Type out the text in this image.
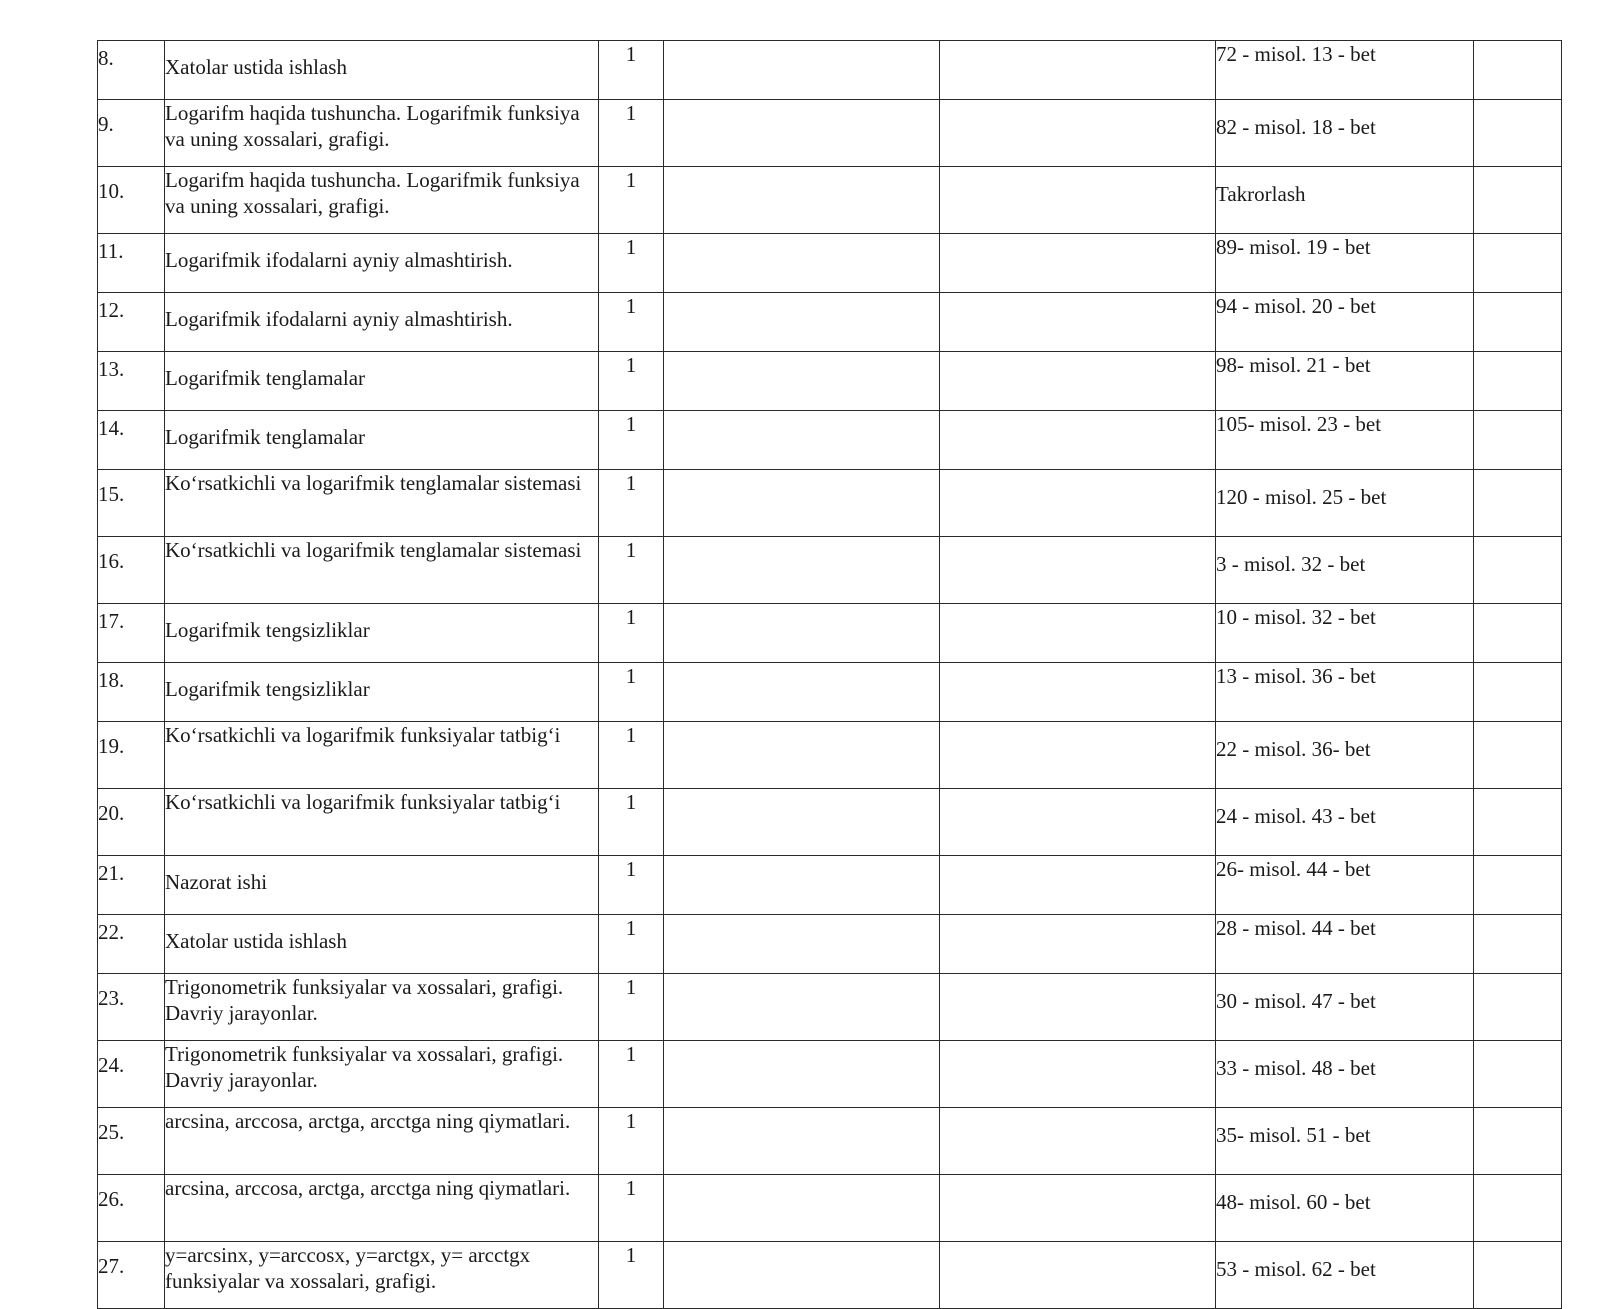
8.	Xatolar ustida ishlash	1			72 - misol. 13 - bet	
9.	Logarifm haqida tushuncha. Logarifmik funksiya va uning xossalari, grafigi.	1			82 - misol. 18 - bet	
10.	Logarifm haqida tushuncha. Logarifmik funksiya va uning xossalari, grafigi.	1			Takrorlash	
11.	Logarifmik ifodalarni ayniy almashtirish.	1			89- misol. 19 - bet	
12.	Logarifmik ifodalarni ayniy almashtirish.	1			94 - misol. 20 - bet	
13.	Logarifmik tenglamalar	1			98- misol. 21 - bet	
14.	Logarifmik tenglamalar	1			105- misol. 23 - bet	
15.	Koʻrsatkichli va logarifmik tenglamalar sistemasi	1			120 - misol. 25 - bet	
16.	Koʻrsatkichli va logarifmik tenglamalar sistemasi	1			3 - misol. 32 - bet	
17.	Logarifmik tengsizliklar	1			10 - misol. 32 - bet	
18.	Logarifmik tengsizliklar	1			13 - misol. 36 - bet	
19.	Koʻrsatkichli va logarifmik funksiyalar tatbigʻi	1			22 - misol. 36- bet	
20.	Koʻrsatkichli va logarifmik funksiyalar tatbigʻi	1			24 - misol. 43 - bet	
21.	Nazorat ishi	1			26- misol. 44 - bet	
22.	Xatolar ustida ishlash	1			28 - misol. 44 - bet	
23.	Trigonometrik funksiyalar va xossalari, grafigi. Davriy jarayonlar.	1			30 - misol. 47 - bet	
24.	Trigonometrik funksiyalar va xossalari, grafigi. Davriy jarayonlar.	1			33 - misol. 48 - bet	
25.	arcsina, arccosa, arctga, arcctga ning qiymatlari.	1			35- misol. 51 - bet	
26.	arcsina, arccosa, arctga, arcctga ning qiymatlari.	1			48- misol. 60 - bet	
27.	y=arcsinx, y=arccosx, y=arctgx, y= arcctgx funksiyalar va xossalari, grafigi.	1			53 - misol. 62 - bet	
